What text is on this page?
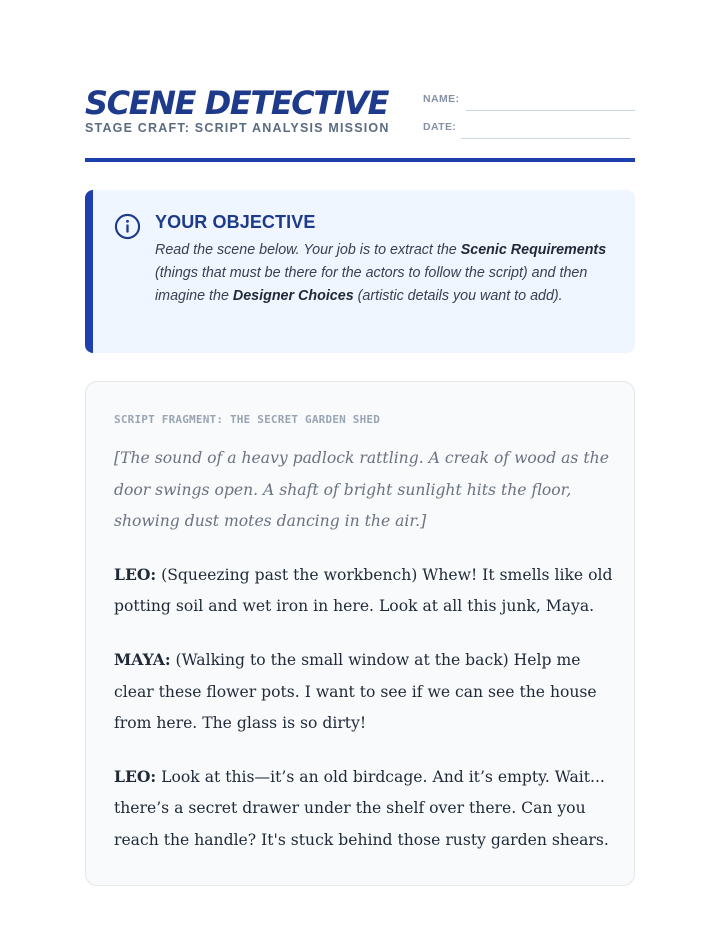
SCENE DETECTIVE
STAGE CRAFT: SCRIPT ANALYSIS MISSION
NAME:
DATE:
YOUR OBJECTIVE
Read the scene below. Your job is to extract the Scenic Requirements (things that must be there for the actors to follow the script) and then imagine the Designer Choices (artistic details you want to add).
SCRIPT FRAGMENT: THE SECRET GARDEN SHED

[The sound of a heavy padlock rattling. A creak of wood as the door swings open. A shaft of bright sunlight hits the floor, showing dust motes dancing in the air.]

LEO: (Squeezing past the workbench) Whew! It smells like old potting soil and wet iron in here. Look at all this junk, Maya.

MAYA: (Walking to the small window at the back) Help me clear these flower pots. I want to see if we can see the house from here. The glass is so dirty!

LEO: Look at this—it’s an old birdcage. And it’s empty. Wait... there’s a secret drawer under the shelf over there. Can you reach the handle? It's stuck behind those rusty garden shears.
